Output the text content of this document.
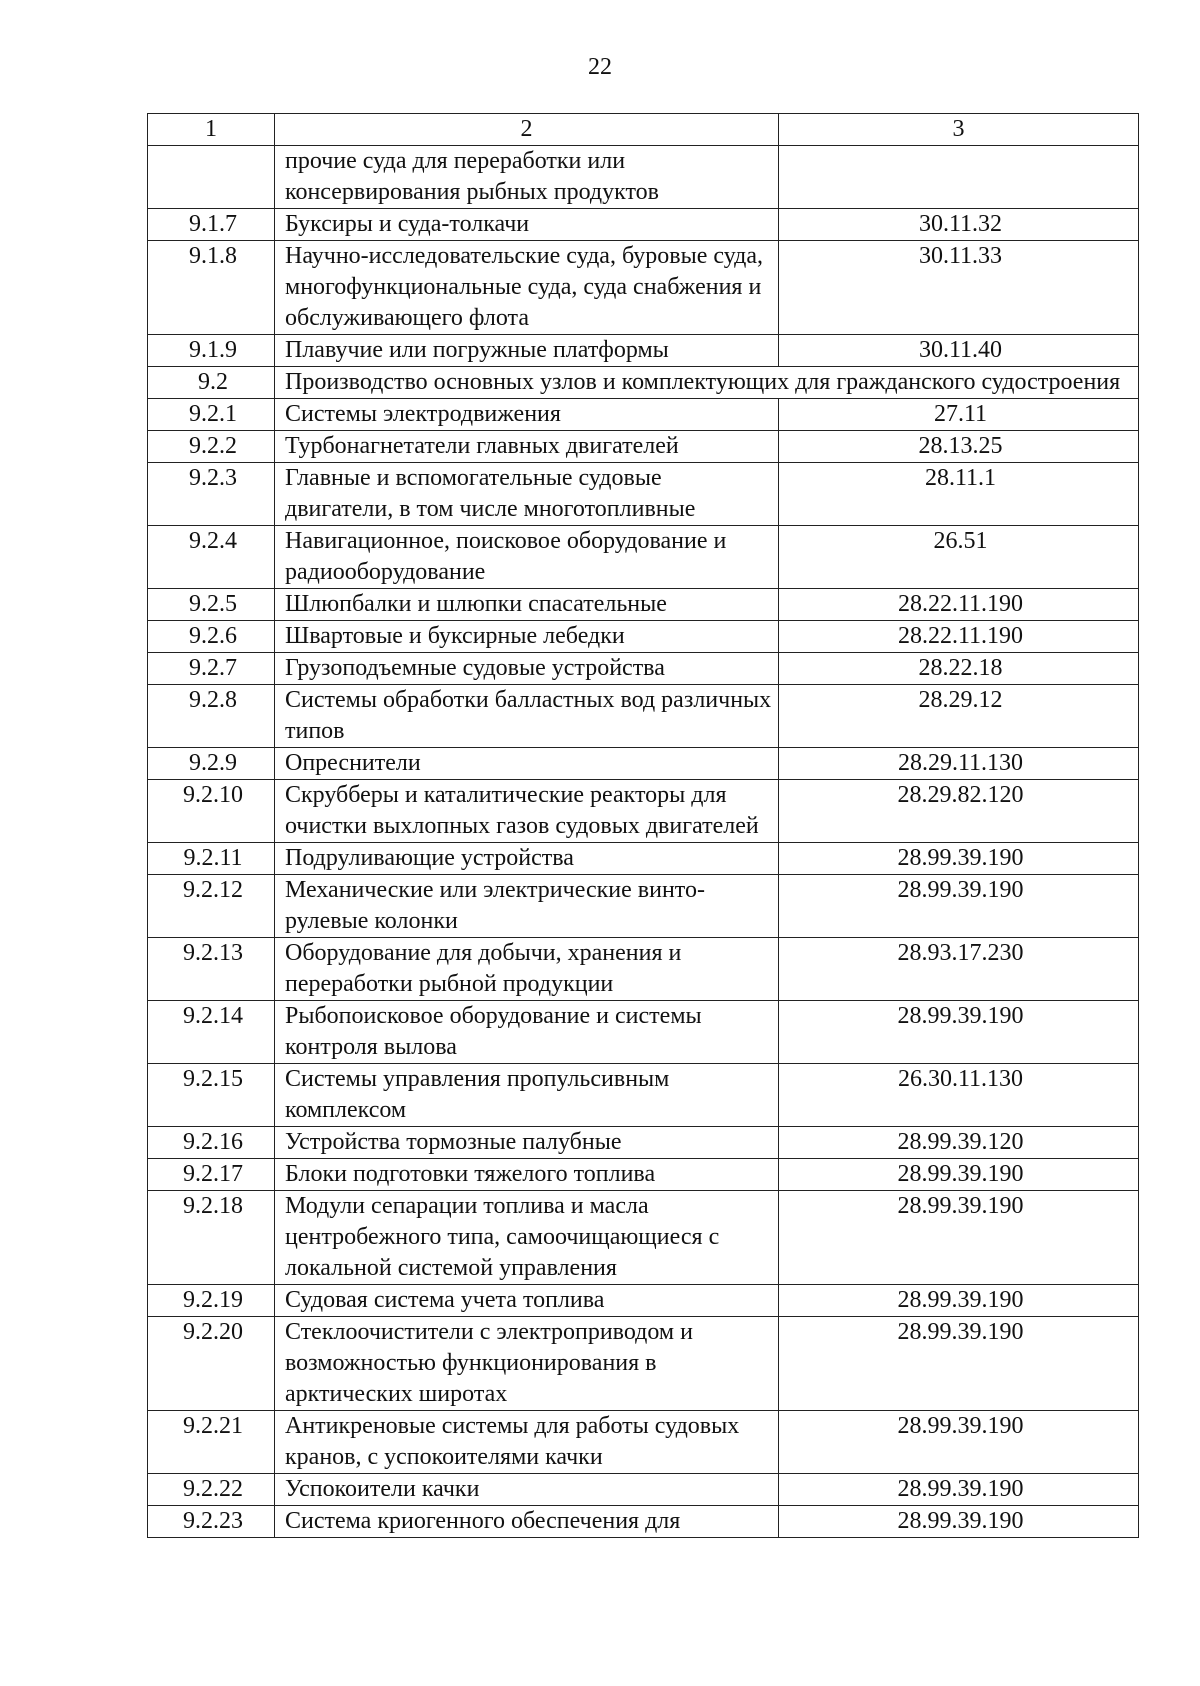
22
1	2	3
	прочие суда для переработки или консервирования рыбных продуктов	
9.1.7	Буксиры и суда-толкачи	30.11.32
9.1.8	Научно-исследовательские суда, буровые суда, многофункциональные суда, суда снабжения и обслуживающего флота	30.11.33
9.1.9	Плавучие или погружные платформы	30.11.40
9.2	Производство основных узлов и комплектующих для гражданского судостроения	
9.2.1	Системы электродвижения	27.11
9.2.2	Турбонагнетатели главных двигателей	28.13.25
9.2.3	Главные и вспомогательные судовые двигатели, в том числе многотопливные	28.11.1
9.2.4	Навигационное, поисковое оборудование и радиооборудование	26.51
9.2.5	Шлюпбалки и шлюпки спасательные	28.22.11.190
9.2.6	Швартовые и буксирные лебедки	28.22.11.190
9.2.7	Грузоподъемные судовые устройства	28.22.18
9.2.8	Системы обработки балластных вод различных типов	28.29.12
9.2.9	Опреснители	28.29.11.130
9.2.10	Скрубберы и каталитические реакторы для очистки выхлопных газов судовых двигателей	28.29.82.120
9.2.11	Подруливающие устройства	28.99.39.190
9.2.12	Механические или электрические винто-рулевые колонки	28.99.39.190
9.2.13	Оборудование для добычи, хранения и переработки рыбной продукции	28.93.17.230
9.2.14	Рыбопоисковое оборудование и системы контроля вылова	28.99.39.190
9.2.15	Системы управления пропульсивным комплексом	26.30.11.130
9.2.16	Устройства тормозные палубные	28.99.39.120
9.2.17	Блоки подготовки тяжелого топлива	28.99.39.190
9.2.18	Модули сепарации топлива и масла центробежного типа, самоочищающиеся с локальной системой управления	28.99.39.190
9.2.19	Судовая система учета топлива	28.99.39.190
9.2.20	Стеклоочистители с электроприводом и возможностью функционирования в арктических широтах	28.99.39.190
9.2.21	Антикреновые системы для работы судовых кранов, с успокоителями качки	28.99.39.190
9.2.22	Успокоители качки	28.99.39.190
9.2.23	Система криогенного обеспечения для	28.99.39.190
